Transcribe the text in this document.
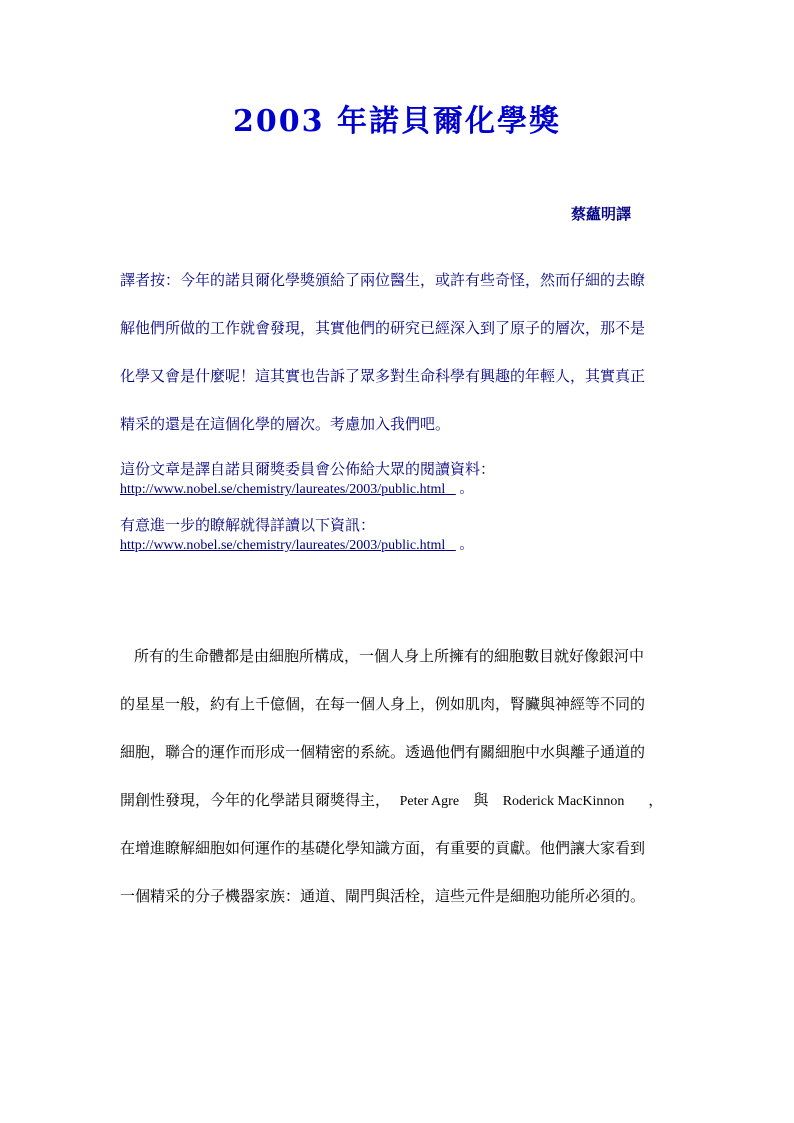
2003 年諾貝爾化學獎

蔡蘊明譯

譯者按：今年的諾貝爾化學獎頒給了兩位醫生，或許有些奇怪，然而仔細的去瞭
解他們所做的工作就會發現，其實他們的研究已經深入到了原子的層次，那不是
化學又會是什麼呢！這其實也告訴了眾多對生命科學有興趣的年輕人，其實真正
精采的還是在這個化學的層次。考慮加入我們吧。
這份文章是譯自諾貝爾獎委員會公佈給大眾的閱讀資料：
http://www.nobel.se/chemistry/laureates/2003/public.html 。
有意進一步的瞭解就得詳讀以下資訊：
http://www.nobel.se/chemistry/laureates/2003/public.html 。
所有的生命體都是由細胞所構成，一個人身上所擁有的細胞數目就好像銀河中
的星星一般，約有上千億個，在每一個人身上，例如肌肉，腎臟與神經等不同的
細胞，聯合的運作而形成一個精密的系統。透過他們有關細胞中水與離子通道的
開創性發現，今年的化學諾貝爾獎得主， Peter Agre 與 Roderick MacKinnon ，
在增進瞭解細胞如何運作的基礎化學知識方面，有重要的貢獻。他們讓大家看到
一個精采的分子機器家族：通道、閘門與活栓，這些元件是細胞功能所必須的。
